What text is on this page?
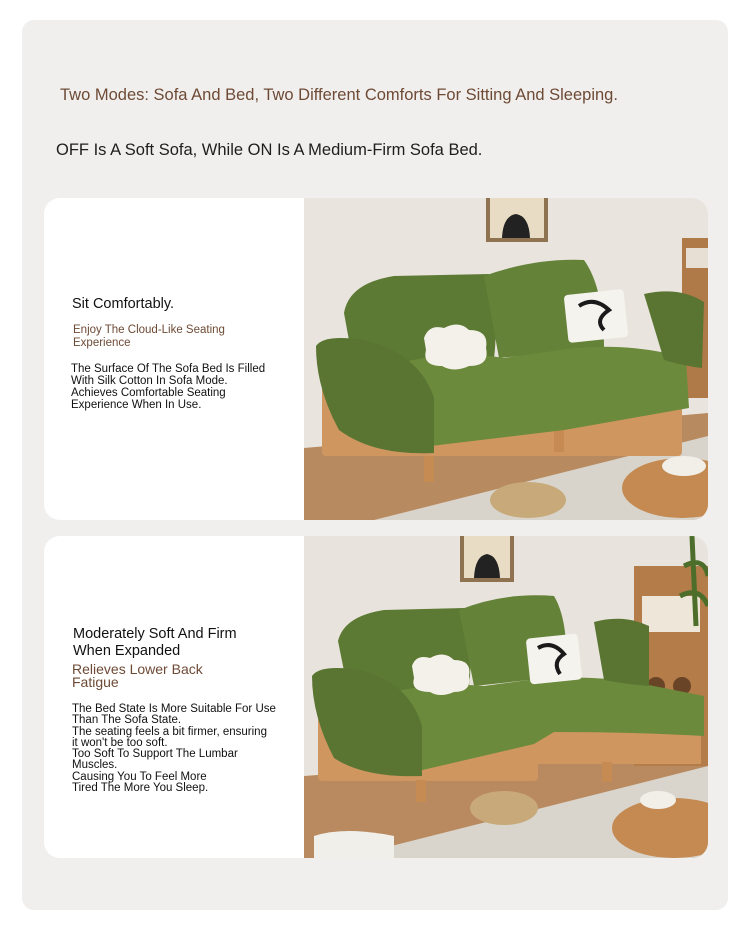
Two Modes: Sofa And Bed, Two Different Comforts For Sitting And Sleeping.
OFF Is A Soft Sofa, While ON Is A Medium-Firm Sofa Bed.
Sit Comfortably.

Enjoy The Cloud-Like Seating
Experience

The Surface Of The Sofa Bed Is Filled
With Silk Cotton In Sofa Mode.
Achieves Comfortable Seating
Experience When In Use.

Moderately Soft And Firm
When Expanded

Relieves Lower Back
Fatigue

The Bed State Is More Suitable For Use
Than The Sofa State.
The seating feels a bit firmer, ensuring
it won't be too soft.
Too Soft To Support The Lumbar
Muscles.
Causing You To Feel More
Tired The More You Sleep.
